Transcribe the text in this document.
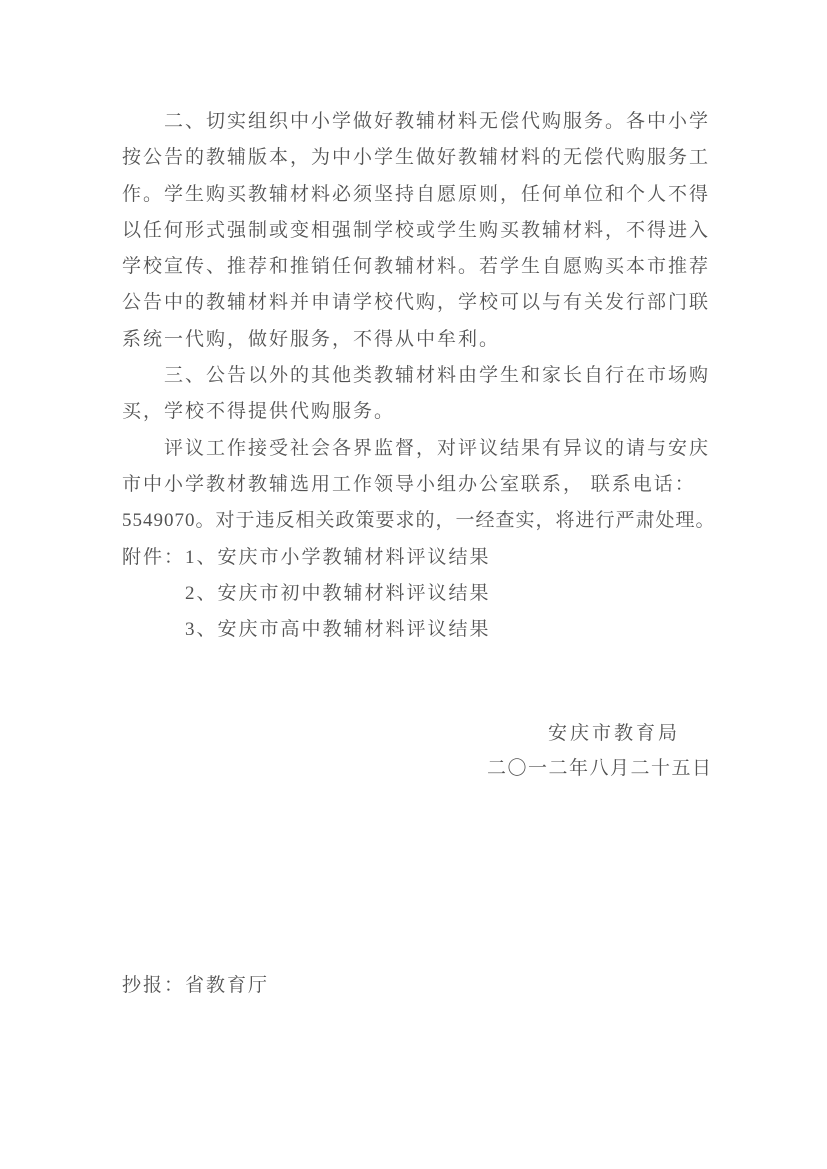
二、切实组织中小学做好教辅材料无偿代购服务。各中小学
按公告的教辅版本，为中小学生做好教辅材料的无偿代购服务工
作。学生购买教辅材料必须坚持自愿原则，任何单位和个人不得
以任何形式强制或变相强制学校或学生购买教辅材料，不得进入
学校宣传、推荐和推销任何教辅材料。若学生自愿购买本市推荐
公告中的教辅材料并申请学校代购，学校可以与有关发行部门联
系统一代购，做好服务，不得从中牟利。
三、公告以外的其他类教辅材料由学生和家长自行在市场购
买，学校不得提供代购服务。
评议工作接受社会各界监督，对评议结果有异议的请与安庆
市中小学教材教辅选用工作领导小组办公室联系， 联系电话：
5549070。对于违反相关政策要求的，一经查实，将进行严肃处理。
附件：1、安庆市小学教辅材料评议结果
2、安庆市初中教辅材料评议结果
3、安庆市高中教辅材料评议结果
安庆市教育局
二〇一二年八月二十五日
抄报：省教育厅
